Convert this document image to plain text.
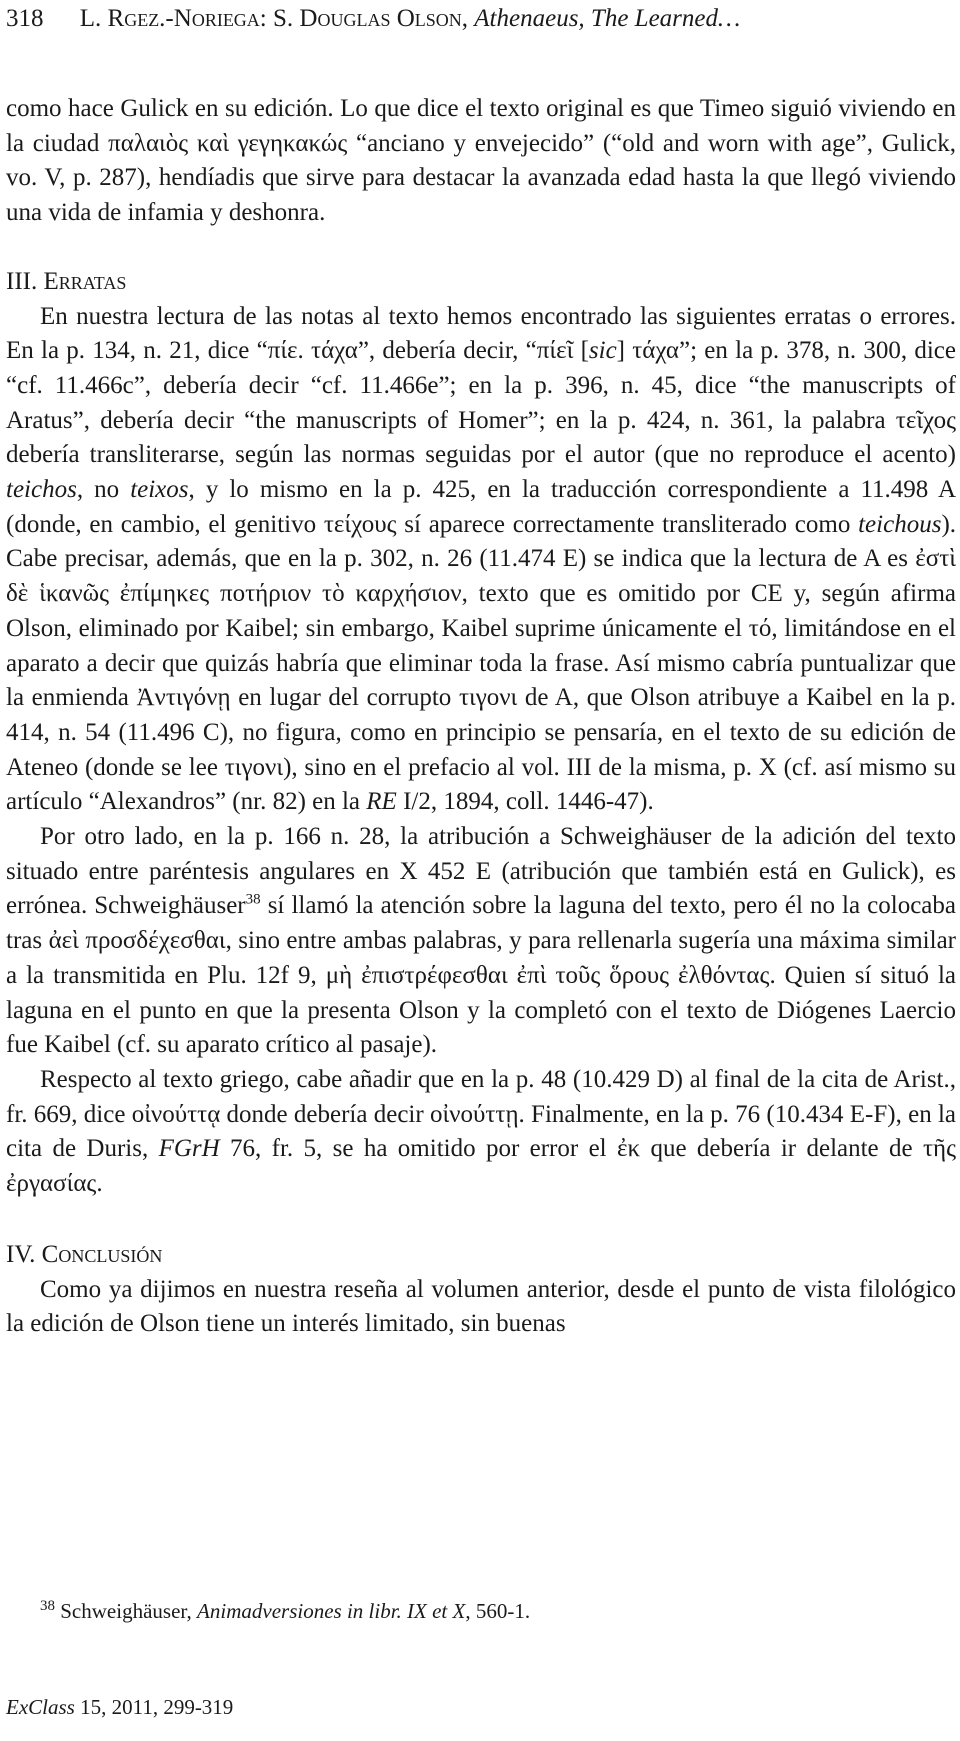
318 L. Rgez.-Noriega: S. Douglas Olson, Athenaeus, The Learned…

como hace Gulick en su edición. Lo que dice el texto original es que Timeo siguió viviendo en la ciudad παλαιὸς καὶ γεγηκακώς “anciano y envejecido” (“old and worn with age”, Gulick, vo. V, p. 287), hendíadis que sirve para destacar la avanzada edad hasta la que llegó viviendo una vida de infamia y deshonra.

III. Erratas

En nuestra lectura de las notas al texto hemos encontrado las siguientes erratas o errores. En la p. 134, n. 21, dice “πίε. τάχα”, debería decir, “πίεῖ [sic] τάχα”; en la p. 378, n. 300, dice “cf. 11.466c”, debería decir “cf. 11.466e”; en la p. 396, n. 45, dice “the manuscripts of Aratus”, debería decir “the manuscripts of Homer”; en la p. 424, n. 361, la palabra τεῖχος debería transliterarse, según las normas seguidas por el autor (que no reproduce el acento) teichos, no teixos, y lo mismo en la p. 425, en la traducción correspondiente a 11.498 A (donde, en cambio, el genitivo τείχους sí aparece correctamente transliterado como teichous). Cabe precisar, además, que en la p. 302, n. 26 (11.474 E) se indica que la lectura de A es ἐστὶ δὲ ἱκανῶς ἐπίμηκες ποτήριον τὸ καρχήσιον, texto que es omitido por CE y, según afirma Olson, eliminado por Kaibel; sin embargo, Kaibel suprime únicamente el τό, limitándose en el aparato a decir que quizás habría que eliminar toda la frase. Así mismo cabría puntualizar que la enmienda Ἀντιγόνῃ en lugar del corrupto τιγονι de A, que Olson atribuye a Kaibel en la p. 414, n. 54 (11.496 C), no figura, como en principio se pensaría, en el texto de su edición de Ateneo (donde se lee τιγονι), sino en el prefacio al vol. III de la misma, p. X (cf. así mismo su artículo “Alexandros” (nr. 82) en la RE I/2, 1894, coll. 1446-47).

Por otro lado, en la p. 166 n. 28, la atribución a Schweighäuser de la adición del texto situado entre paréntesis angulares en X 452 E (atribución que también está en Gulick), es errónea. Schweighäuser$^{38}$ sí llamó la atención sobre la laguna del texto, pero él no la colocaba tras ἀεὶ προσδέχεσθαι, sino entre ambas palabras, y para rellenarla sugería una máxima similar a la transmitida en Plu. 12f 9, μὴ ἐπιστρέφεσθαι ἐπὶ τοῦς ὅρους ἐλθόντας. Quien sí situó la laguna en el punto en que la presenta Olson y la completó con el texto de Diógenes Laercio fue Kaibel (cf. su aparato crítico al pasaje).

Respecto al texto griego, cabe añadir que en la p. 48 (10.429 D) al final de la cita de Arist., fr. 669, dice οἰνούττᾳ donde debería decir οἰνούττῃ. Finalmente, en la p. 76 (10.434 E-F), en la cita de Duris, FGrH 76, fr. 5, se ha omitido por error el ἐκ que debería ir delante de τῆς ἐργασίας.

IV. Conclusión

Como ya dijimos en nuestra reseña al volumen anterior, desde el punto de vista filológico la edición de Olson tiene un interés limitado, sin buenas

$^{38}$ Schweighäuser, Animadversiones in libr. IX et X, 560-1.
ExClass 15, 2011, 299-319
